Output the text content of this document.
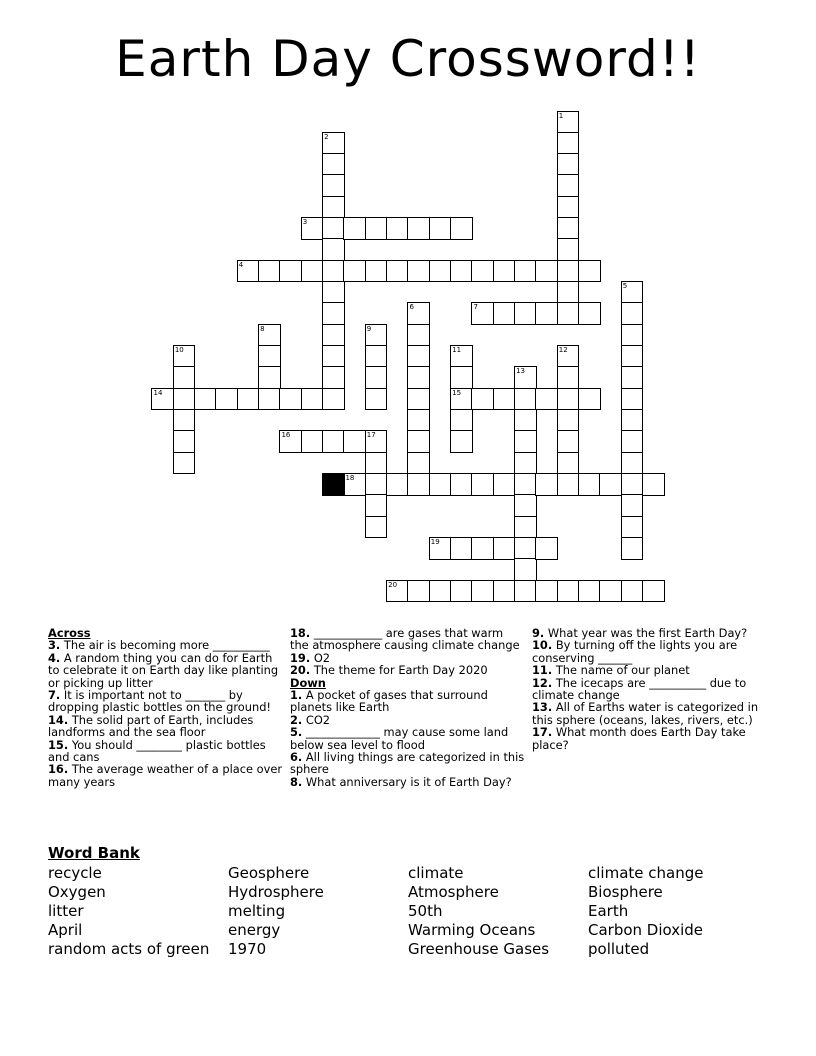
Earth Day Crossword!!
1
2
3
4
5
6	7
8	9
10	11
15
12
13
14
16	17
18
19
20
Across
3. The air is becoming more __________
4. A random thing you can do for Earth to celebrate it on Earth day like planting or picking up litter
7. It is important not to _______ by dropping plastic bottles on the ground!
14. The solid part of Earth, includes landforms and the sea floor
15. You should ________ plastic bottles and cans
16. The average weather of a place over many years
18. ____________ are gases that warm the atmosphere causing climate change
19. O2
20. The theme for Earth Day 2020
Down
1. A pocket of gases that surround planets like Earth
2. CO2
5. _____________ may cause some land below sea level to flood
6. All living things are categorized in this sphere
8. What anniversary is it of Earth Day?
9. What year was the first Earth Day?
10. By turning off the lights you are conserving ______
11. The name of our planet
12. The icecaps are __________ due to climate change
13. All of Earths water is categorized in this sphere (oceans, lakes, rivers, etc.)
17. What month does Earth Day take place?
Word Bank
recycle	Geosphere	climate	climate change
Oxygen	Hydrosphere	Atmosphere	Biosphere
litter	melting	50th	Earth
April	energy	Warming Oceans	Carbon Dioxide
random acts of green	1970	Greenhouse Gases	polluted
